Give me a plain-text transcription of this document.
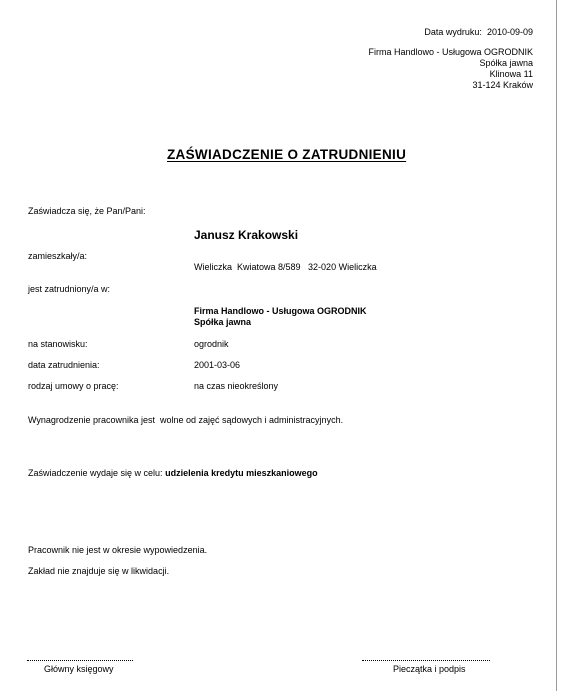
Data wydruku: 2010-09-09
Firma Handlowo - Usługowa OGRODNIK
Spółka jawna
Klinowa 11
31-124 Kraków
ZAŚWIADCZENIE O ZATRUDNIENIU
Zaświadcza się, że Pan/Pani:
Janusz Krakowski
zamieszkały/a:
Wieliczka  Kwiatowa 8/589   32-020 Wieliczka
jest zatrudniony/a w:
Firma Handlowo - Usługowa OGRODNIK
Spółka jawna
na stanowisku:	ogrodnik
data zatrudnienia:	2001-03-06
rodzaj umowy o pracę:	na czas nieokreślony
Wynagrodzenie pracownika jest  wolne od zajęć sądowych i administracyjnych.
Zaświadczenie wydaje się w celu: udzielenia kredytu mieszkaniowego
Pracownik nie jest w okresie wypowiedzenia.
Zakład nie znajduje się w likwidacji.
Główny księgowy	Pieczątka i podpis
